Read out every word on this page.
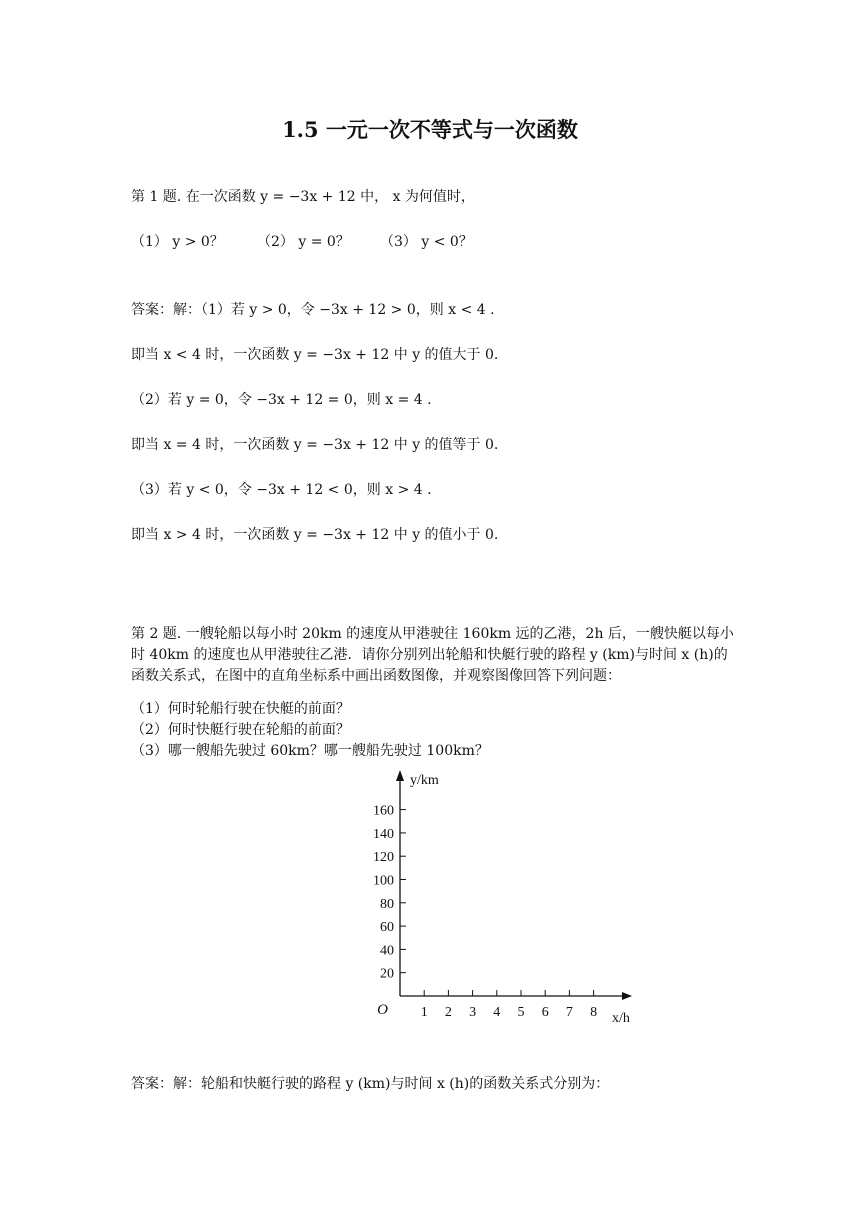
1.5 一元一次不等式与一次函数
第 1 题. 在一次函数 y = −3x + 12 中， x 为何值时，
（1） y > 0？ （2） y = 0？ （3） y < 0？
答案：解：（1）若 y > 0，令 −3x + 12 > 0，则 x < 4 .
即当 x < 4 时，一次函数 y = −3x + 12 中 y 的值大于 0.
（2）若 y = 0，令 −3x + 12 = 0，则 x = 4 .
即当 x = 4 时，一次函数 y = −3x + 12 中 y 的值等于 0.
（3）若 y < 0，令 −3x + 12 < 0，则 x > 4 .
即当 x > 4 时，一次函数 y = −3x + 12 中 y 的值小于 0.
第 2 题. 一艘轮船以每小时 20km 的速度从甲港驶往 160km 远的乙港，2h 后，一艘快艇以每小时 40km 的速度也从甲港驶往乙港．请你分别列出轮船和快艇行驶的路程 y (km)与时间 x (h)的函数关系式，在图中的直角坐标系中画出函数图像，并观察图像回答下列问题：
（1）何时轮船行驶在快艇的前面？
（2）何时快艇行驶在轮船的前面？
（3）哪一艘船先驶过 60km？哪一艘船先驶过 100km？
1 2 3 4 5 6 7 8
20
40
60
80
100
120
140
160
O
y/km
x/h
答案：解：轮船和快艇行驶的路程 y (km)与时间 x (h)的函数关系式分别为：
